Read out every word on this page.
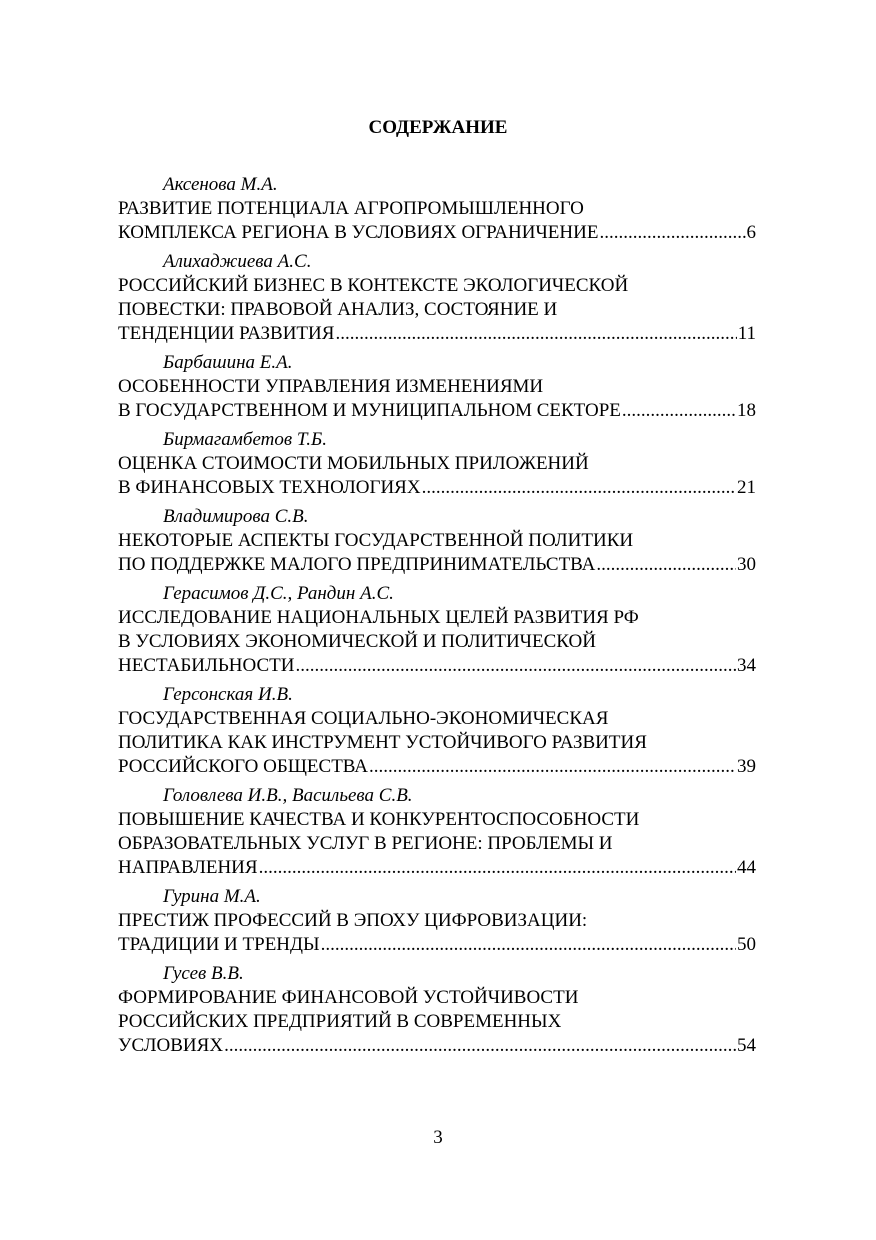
СОДЕРЖАНИЕ
Аксенова М.А.
РАЗВИТИЕ ПОТЕНЦИАЛА АГРОПРОМЫШЛЕННОГО
КОМПЛЕКСА РЕГИОНА В УСЛОВИЯХ ОГРАНИЧЕНИЕ .....	6
Алихаджиева А.С.
РОССИЙСКИЙ БИЗНЕС В КОНТЕКСТЕ ЭКОЛОГИЧЕСКОЙ
ПОВЕСТКИ: ПРАВОВОЙ АНАЛИЗ, СОСТОЯНИЕ И
ТЕНДЕНЦИИ РАЗВИТИЯ .....	11
Барбашина Е.А.
ОСОБЕННОСТИ УПРАВЛЕНИЯ ИЗМЕНЕНИЯМИ
В ГОСУДАРСТВЕННОМ И МУНИЦИПАЛЬНОМ СЕКТОРЕ .....	18
Бирмагамбетов Т.Б.
ОЦЕНКА СТОИМОСТИ МОБИЛЬНЫХ ПРИЛОЖЕНИЙ
В ФИНАНСОВЫХ ТЕХНОЛОГИЯХ .....	21
Владимирова С.В.
НЕКОТОРЫЕ АСПЕКТЫ ГОСУДАРСТВЕННОЙ ПОЛИТИКИ
ПО ПОДДЕРЖКЕ МАЛОГО ПРЕДПРИНИМАТЕЛЬСТВА .....	30
Герасимов Д.С., Рандин А.С.
ИССЛЕДОВАНИЕ НАЦИОНАЛЬНЫХ ЦЕЛЕЙ РАЗВИТИЯ РФ
В УСЛОВИЯХ ЭКОНОМИЧЕСКОЙ И ПОЛИТИЧЕСКОЙ
НЕСТАБИЛЬНОСТИ .....	34
Герсонская И.В.
ГОСУДАРСТВЕННАЯ СОЦИАЛЬНО-ЭКОНОМИЧЕСКАЯ
ПОЛИТИКА КАК ИНСТРУМЕНТ УСТОЙЧИВОГО РАЗВИТИЯ
РОССИЙСКОГО ОБЩЕСТВА .....	39
Головлева И.В., Васильева С.В.
ПОВЫШЕНИЕ КАЧЕСТВА И КОНКУРЕНТОСПОСОБНОСТИ
ОБРАЗОВАТЕЛЬНЫХ УСЛУГ В РЕГИОНЕ: ПРОБЛЕМЫ И
НАПРАВЛЕНИЯ .....	44
Гурина М.А.
ПРЕСТИЖ ПРОФЕССИЙ В ЭПОХУ ЦИФРОВИЗАЦИИ:
ТРАДИЦИИ И ТРЕНДЫ .....	50
Гусев В.В.
ФОРМИРОВАНИЕ ФИНАНСОВОЙ УСТОЙЧИВОСТИ
РОССИЙСКИХ ПРЕДПРИЯТИЙ В СОВРЕМЕННЫХ
УСЛОВИЯХ .....	54
3
